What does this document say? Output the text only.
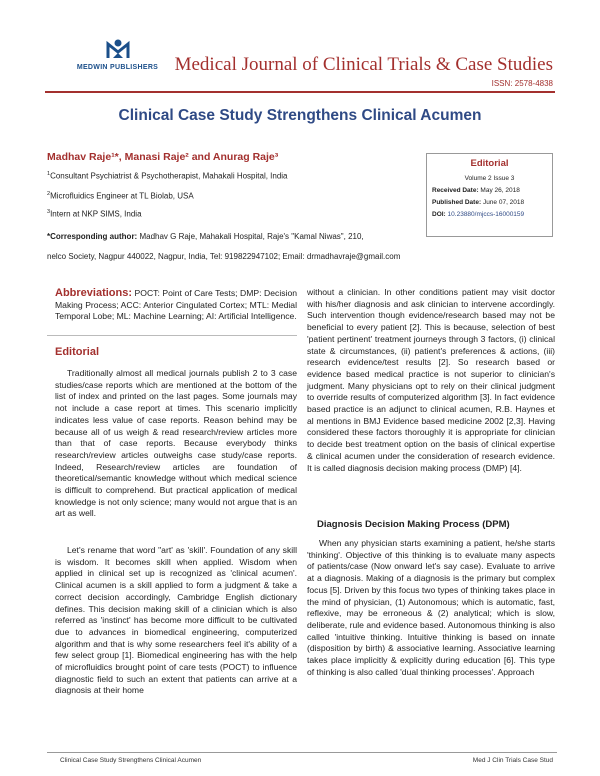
MEDWIN PUBLISHERS Medical Journal of Clinical Trials & Case Studies
ISSN: 2578-4838
Clinical Case Study Strengthens Clinical Acumen
Madhav Raje¹*, Manasi Raje² and Anurag Raje³
$^1$Consultant Psychiatrist & Psychotherapist, Mahakali Hospital, India
$^2$Microfluidics Engineer at TL Biolab, USA
$^3$Intern at NKP SIMS, India
Editorial
Volume 2 Issue 3
Received Date: May 26, 2018
Published Date: June 07, 2018
DOI: 10.23880/mjccs-16000159
*Corresponding author: Madhav G Raje, Mahakali Hospital, Raje's "Kamal Niwas", 210,
nelco Society, Nagpur 440022, Nagpur, India, Tel: 919822947102; Email: drmadhavraje@gmail.com
Abbreviations: POCT: Point of Care Tests; DMP: Decision Making Process; ACC: Anterior Cingulated Cortex; MTL: Medial Temporal Lobe; ML: Machine Learning; AI: Artificial Intelligence.
Editorial

Traditionally almost all medical journals publish 2 to 3 case studies/case reports which are mentioned at the bottom of the list of index and printed on the last pages. Some journals may not include a case report at times. This scenario implicitly indicates less value of case reports. Reason behind may be because all of us weigh & read research/review articles more than that of case reports. Because everybody thinks research/review articles outweighs case study/case reports. Indeed, Research/review articles are foundation of theoretical/semantic knowledge without which medical science is difficult to comprehend. But practical application of medical knowledge is not only science; many would not argue that is an art as well.

Let's rename that word "art' as 'skill'. Foundation of any skill is wisdom. It becomes skill when applied. Wisdom when applied in clinical set up is recognized as 'clinical acumen'. Clinical acumen is a skill applied to form a judgment & take a correct decision accordingly, Cambridge English dictionary defines. This decision making skill of a clinician which is also referred as 'instinct' has become more difficult to be cultivated due to advances in biomedical engineering, computerized algorithm and that is why some researchers feel it's ability of a few select group [1]. Biomedical engineering has with the help of microfluidics brought point of care tests (POCT) to influence diagnostic field to such an extent that patients can arrive at a diagnosis at their home

without a clinician. In other conditions patient may visit doctor with his/her diagnosis and ask clinician to intervene accordingly. Such intervention though evidence/research based may not be beneficial to every patient [2]. This is because, selection of best 'patient pertinent' treatment journeys through 3 factors, (i) clinical state & circumstances, (ii) patient's preferences & actions, (iii) research evidence/test results [2]. So research based or evidence based medical practice is not superior to clinician's judgment. Many physicians opt to rely on their clinical judgment to override results of computerized algorithm [3]. In fact evidence based practice is an adjunct to clinical acumen, R.B. Haynes et al mentions in BMJ Evidence based medicine 2002 [2,3]. Having considered these factors thoroughly it is appropriate for clinician to decide best treatment option on the basis of clinical expertise & clinical acumen under the consideration of research evidence. It is called diagnosis decision making process (DMP) [4].

Diagnosis Decision Making Process (DPM)

When any physician starts examining a patient, he/she starts 'thinking'. Objective of this thinking is to evaluate many aspects of patients/case (Now onward let's say case). Evaluate to arrive at a diagnosis. Making of a diagnosis is the primary but complex focus [5]. Driven by this focus two types of thinking takes place in the mind of physician, (1) Autonomous; which is automatic, fast, reflexive, may be erroneous & (2) analytical; which is slow, deliberate, rule and evidence based. Autonomous thinking is also called 'intuitive thinking. Intuitive thinking is based on innate (disposition by birth) & associative learning. Associative learning takes place implicitly & explicitly during education [6]. This type of thinking is also called 'dual thinking processes'. Approach

Clinical Case Study Strengthens Clinical Acumen	Med J Clin Trials Case Stud
